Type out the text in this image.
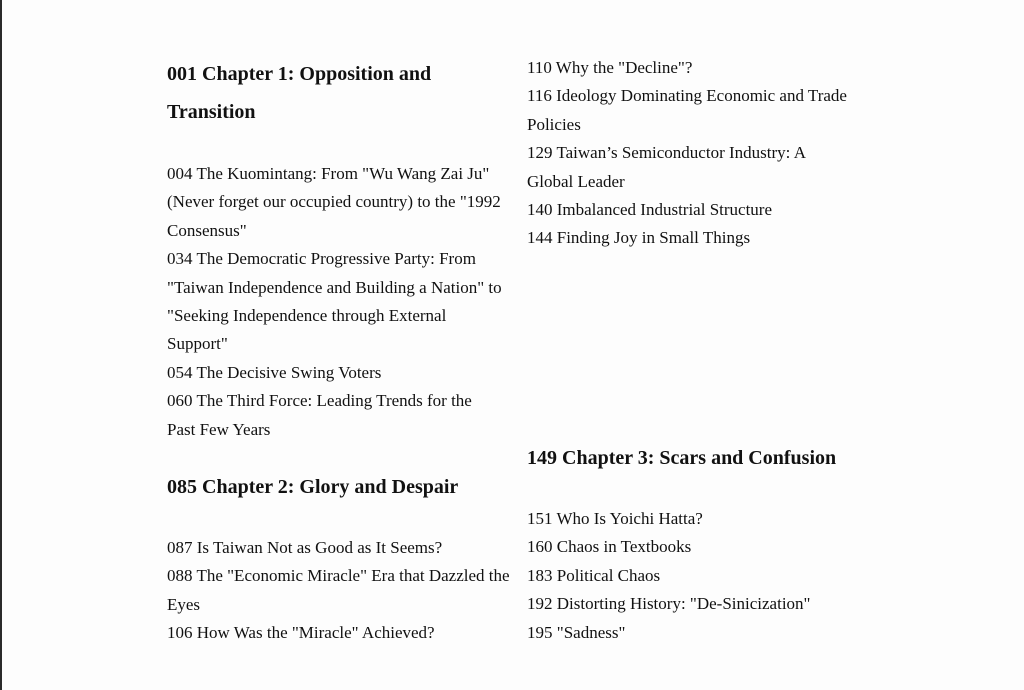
001 Chapter 1: Opposition and Transition
004 The Kuomintang: From "Wu Wang Zai Ju" (Never forget our occupied country) to the "1992 Consensus"
034 The Democratic Progressive Party: From "Taiwan Independence and Building a Nation" to "Seeking Independence through External Support"
054 The Decisive Swing Voters
060 The Third Force: Leading Trends for the Past Few Years
085 Chapter 2: Glory and Despair
087 Is Taiwan Not as Good as It Seems?
088 The "Economic Miracle" Era that Dazzled the Eyes
106 How Was the "Miracle" Achieved?
110 Why the "Decline"?
116 Ideology Dominating Economic and Trade Policies
129 Taiwan’s Semiconductor Industry: A Global Leader
140 Imbalanced Industrial Structure
144 Finding Joy in Small Things
149 Chapter 3: Scars and Confusion
151 Who Is Yoichi Hatta?
160 Chaos in Textbooks
183 Political Chaos
192 Distorting History: "De-Sinicization"
195 "Sadness"
